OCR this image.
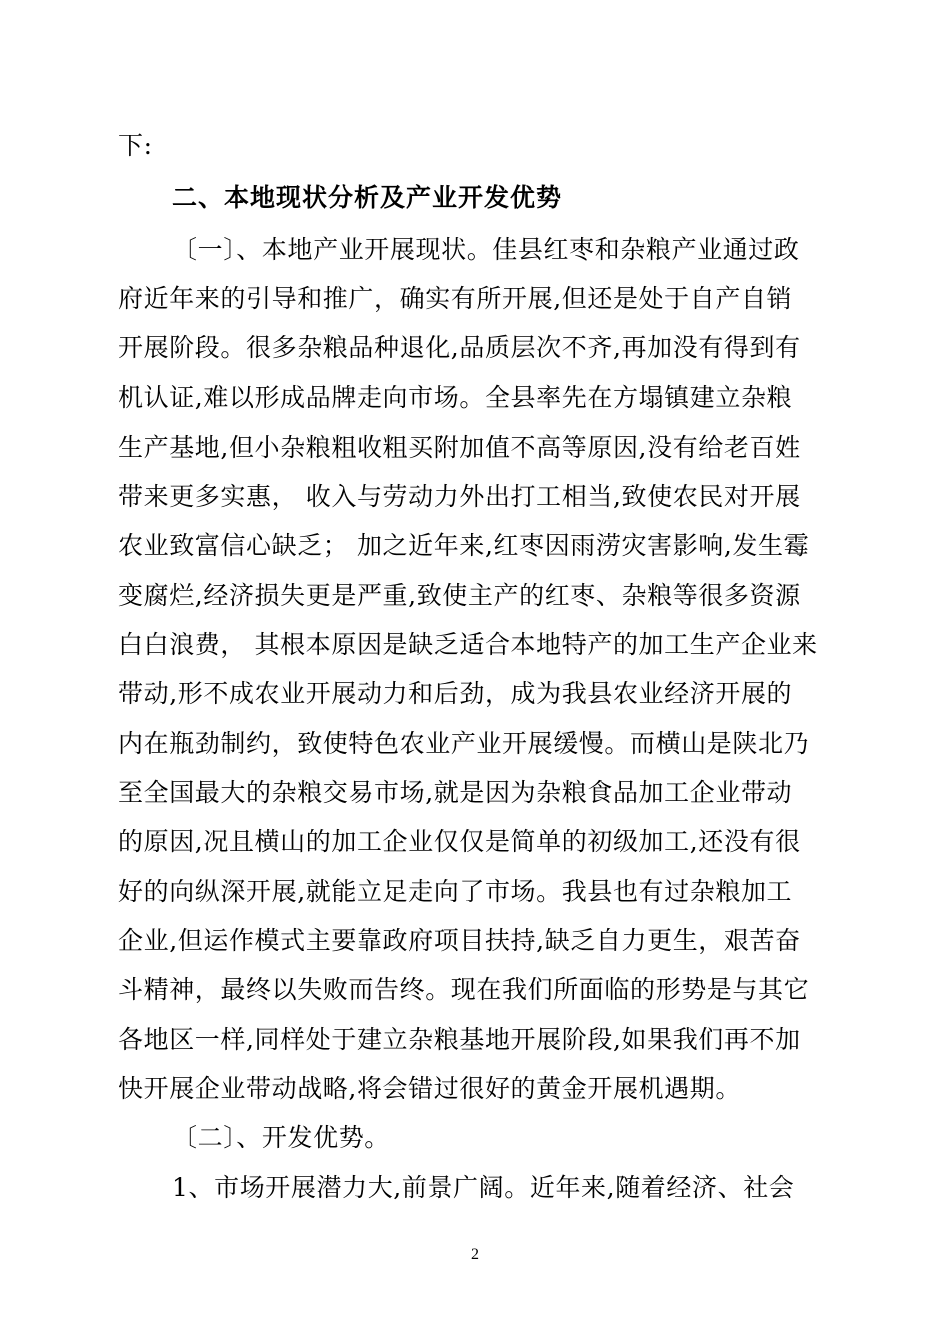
下:
二、本地现状分析及产业开发优势
〔一〕、本地产业开展现状。佳县红枣和杂粮产业通过政
府近年来的引导和推广，确实有所开展,但还是处于自产自销
开展阶段。很多杂粮品种退化,品质层次不齐,再加没有得到有
机认证,难以形成品牌走向市场。全县率先在方塌镇建立杂粮
生产基地,但小杂粮粗收粗买附加值不高等原因,没有给老百姓
带来更多实惠， 收入与劳动力外出打工相当,致使农民对开展
农业致富信心缺乏； 加之近年来,红枣因雨涝灾害影响,发生霉
变腐烂,经济损失更是严重,致使主产的红枣、杂粮等很多资源
白白浪费， 其根本原因是缺乏适合本地特产的加工生产企业来
带动,形不成农业开展动力和后劲，成为我县农业经济开展的
内在瓶劲制约，致使特色农业产业开展缓慢。而横山是陕北乃
至全国最大的杂粮交易市场,就是因为杂粮食品加工企业带动
的原因,况且横山的加工企业仅仅是简单的初级加工,还没有很
好的向纵深开展,就能立足走向了市场。我县也有过杂粮加工
企业,但运作模式主要靠政府项目扶持,缺乏自力更生，艰苦奋
斗精神，最终以失败而告终。现在我们所面临的形势是与其它
各地区一样,同样处于建立杂粮基地开展阶段,如果我们再不加
快开展企业带动战略,将会错过很好的黄金开展机遇期。
〔二〕、开发优势。
1、市场开展潜力大,前景广阔。近年来,随着经济、社会
2
